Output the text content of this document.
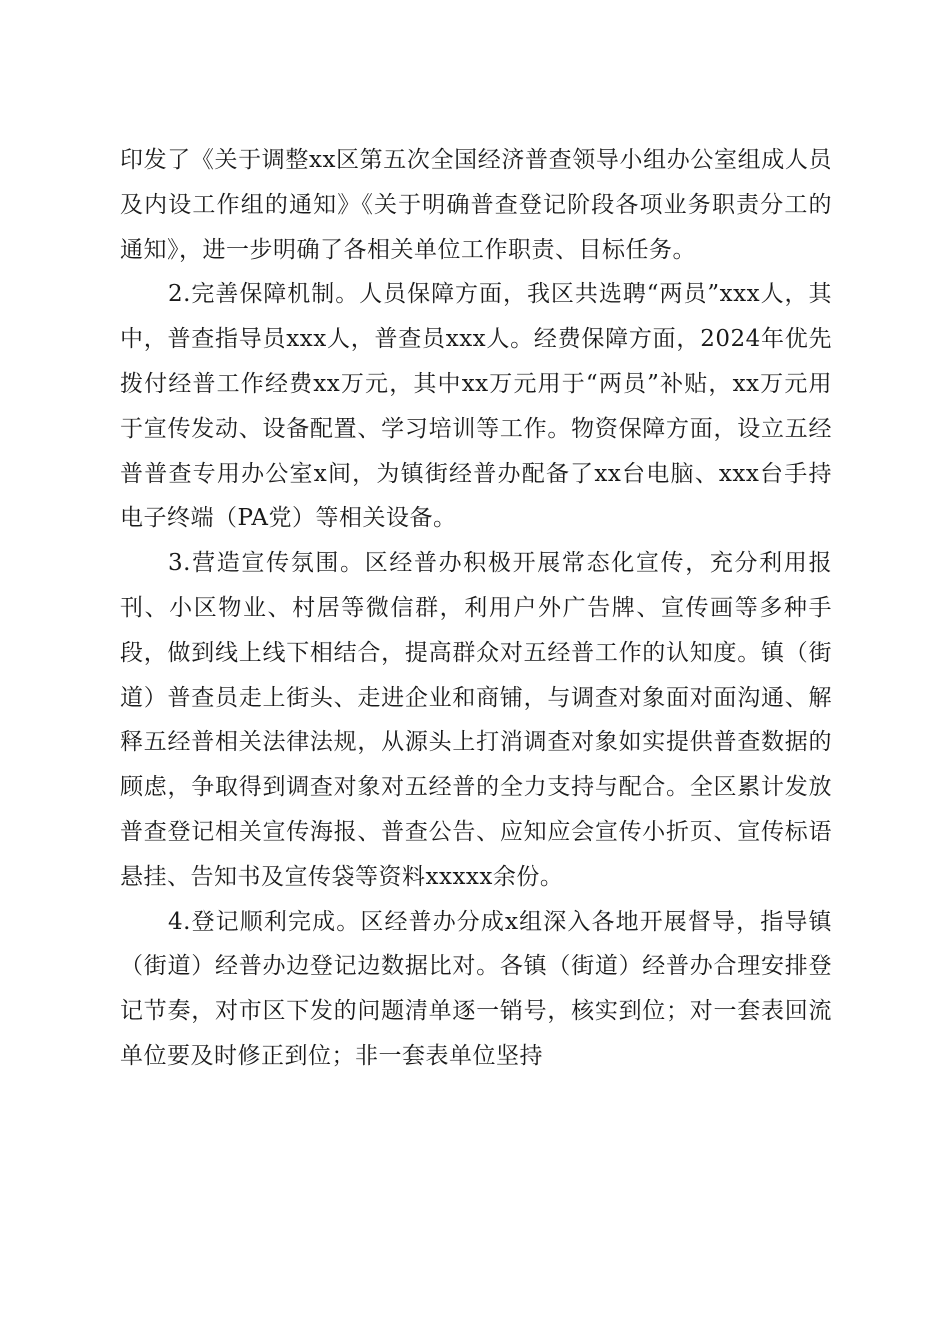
印发了《关于调整xx区第五次全国经济普查领导小组办公室组成人员及内设工作组的通知》《关于明确普查登记阶段各项业务职责分工的通知》，进一步明确了各相关单位工作职责、目标任务。

2.完善保障机制。人员保障方面，我区共选聘“两员”xxx人，其中，普查指导员xxx人，普查员xxx人。经费保障方面，2024年优先拨付经普工作经费xx万元，其中xx万元用于“两员”补贴，xx万元用于宣传发动、设备配置、学习培训等工作。物资保障方面，设立五经普普查专用办公室x间，为镇街经普办配备了xx台电脑、xxx台手持电子终端（PA党）等相关设备。

3.营造宣传氛围。区经普办积极开展常态化宣传，充分利用报刊、小区物业、村居等微信群，利用户外广告牌、宣传画等多种手段，做到线上线下相结合，提高群众对五经普工作的认知度。镇（街道）普查员走上街头、走进企业和商铺，与调查对象面对面沟通、解释五经普相关法律法规，从源头上打消调查对象如实提供普查数据的顾虑，争取得到调查对象对五经普的全力支持与配合。全区累计发放普查登记相关宣传海报、普查公告、应知应会宣传小折页、宣传标语悬挂、告知书及宣传袋等资料xxxxx余份。

4.登记顺利完成。区经普办分成x组深入各地开展督导，指导镇（街道）经普办边登记边数据比对。各镇（街道）经普办合理安排登记节奏，对市区下发的问题清单逐一销号，核实到位；对一套表回流单位要及时修正到位；非一套表单位坚持
